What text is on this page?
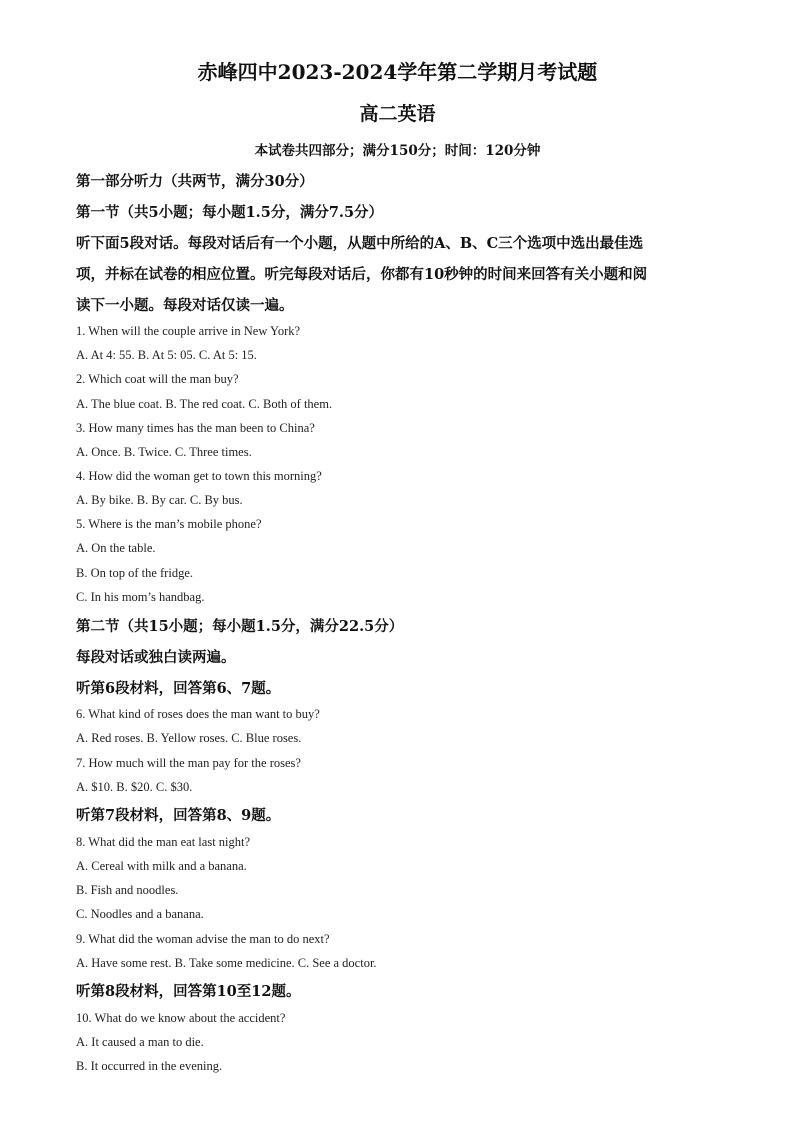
赤峰四中2023-2024学年第二学期月考试题
高二英语
本试卷共四部分；满分150分；时间：120分钟
第一部分听力（共两节，满分30分）
第一节（共5小题；每小题1.5分，满分7.5分）
听下面5段对话。每段对话后有一个小题，从题中所给的A、B、C三个选项中选出最佳选
项，并标在试卷的相应位置。听完每段对话后，你都有10秒钟的时间来回答有关小题和阅
读下一小题。每段对话仅读一遍。
1. When will the couple arrive in New York?
A. At 4: 55. B. At 5: 05. C. At 5: 15.
2. Which coat will the man buy?
A. The blue coat. B. The red coat. C. Both of them.
3. How many times has the man been to China?
A. Once. B. Twice. C. Three times.
4. How did the woman get to town this morning?
A. By bike. B. By car. C. By bus.
5. Where is the man’s mobile phone?
A. On the table.
B. On top of the fridge.
C. In his mom’s handbag.
第二节（共15小题；每小题1.5分，满分22.5分）
每段对话或独白读两遍。
听第6段材料，回答第6、7题。
6. What kind of roses does the man want to buy?
A. Red roses. B. Yellow roses. C. Blue roses.
7. How much will the man pay for the roses?
A. $10. B. $20. C. $30.
听第7段材料，回答第8、9题。
8. What did the man eat last night?
A. Cereal with milk and a banana.
B. Fish and noodles.
C. Noodles and a banana.
9. What did the woman advise the man to do next?
A. Have some rest. B. Take some medicine. C. See a doctor.
听第8段材料，回答第10至12题。
10. What do we know about the accident?
A. It caused a man to die.
B. It occurred in the evening.
